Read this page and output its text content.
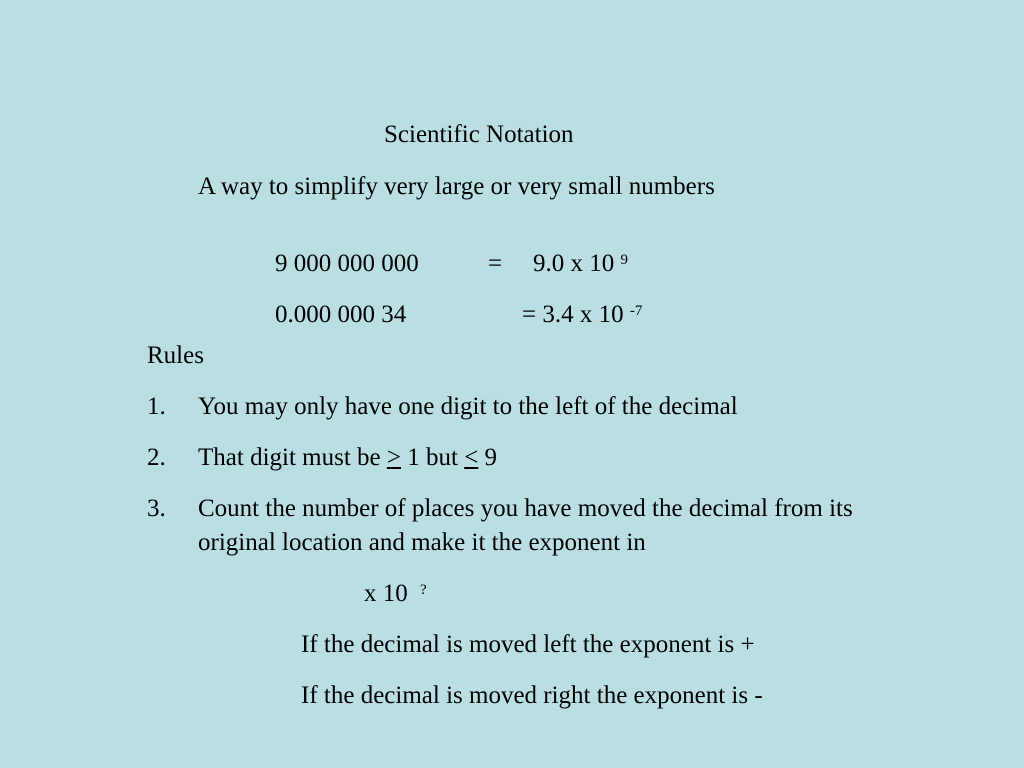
Scientific Notation
A way to simplify very large or very small numbers
9 000 000 000	= 9.0 x 10 $^9$
0.000 000 34	= 3.4 x 10 $^{-7}$
Rules
1. You may only have one digit to the left of the decimal
2. That digit must be ≥ 1 but ≤ 9
3. Count the number of places you have moved the decimal from its
original location and make it the exponent in
x 10 ?
If the decimal is moved left the exponent is +
If the decimal is moved right the exponent is -
